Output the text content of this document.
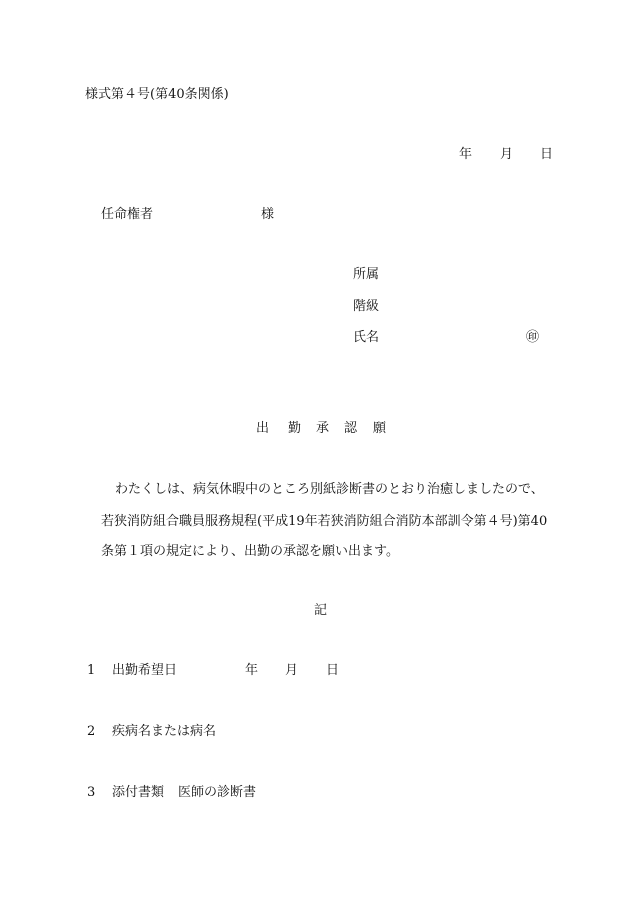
様式第４号(第40条関係)
年 月 日
任命権者	様
所属
階級
氏名	㊞
出 勤 承 認 願
わたくしは、病気休暇中のところ別紙診断書のとおり治癒しましたので、
若狭消防組合職員服務規程(平成19年若狭消防組合消防本部訓令第４号)第40
条第１項の規定により、出勤の承認を願い出ます。
記
1 出勤希望日	年 月 日
2 疾病名または病名
3 添付書類 医師の診断書
